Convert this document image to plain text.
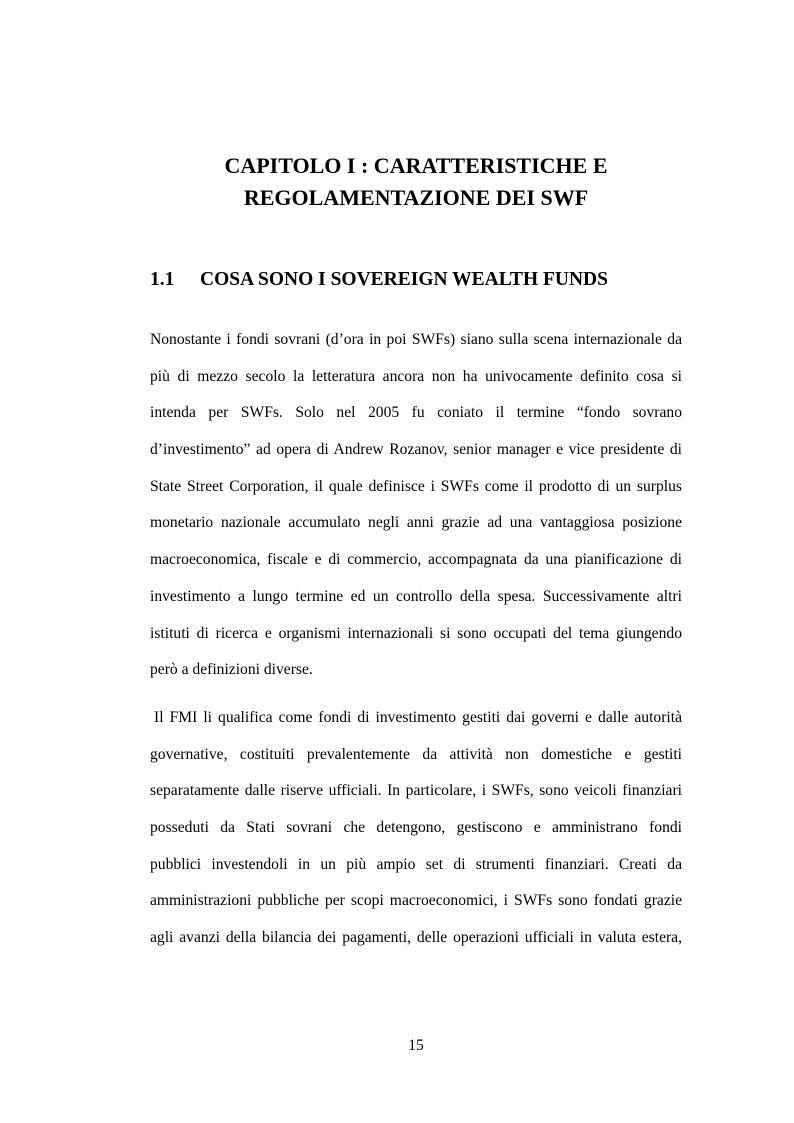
CAPITOLO I : CARATTERISTICHE E
REGOLAMENTAZIONE DEI SWF
1.1 COSA SONO I SOVEREIGN WEALTH FUNDS
Nonostante i fondi sovrani (d’ora in poi SWFs) siano sulla scena internazionale da
più di mezzo secolo la letteratura ancora non ha univocamente definito cosa si
intenda per SWFs. Solo nel 2005 fu coniato il termine “fondo sovrano
d’investimento” ad opera di Andrew Rozanov, senior manager e vice presidente di
State Street Corporation, il quale definisce i SWFs come il prodotto di un surplus
monetario nazionale accumulato negli anni grazie ad una vantaggiosa posizione
macroeconomica, fiscale e di commercio, accompagnata da una pianificazione di
investimento a lungo termine ed un controllo della spesa. Successivamente altri
istituti di ricerca e organismi internazionali si sono occupati del tema giungendo
però a definizioni diverse.
Il FMI li qualifica come fondi di investimento gestiti dai governi e dalle autorità
governative, costituiti prevalentemente da attività non domestiche e gestiti
separatamente dalle riserve ufficiali. In particolare, i SWFs, sono veicoli finanziari
posseduti da Stati sovrani che detengono, gestiscono e amministrano fondi
pubblici investendoli in un più ampio set di strumenti finanziari. Creati da
amministrazioni pubbliche per scopi macroeconomici, i SWFs sono fondati grazie
agli avanzi della bilancia dei pagamenti, delle operazioni ufficiali in valuta estera,
15
